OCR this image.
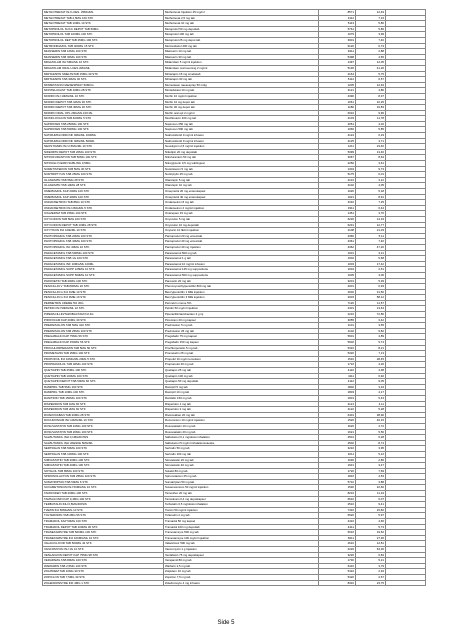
METHOTREXAT INJ LOES. 25MG/ML	Methotrexat Injektion 25 mg/ml	8571	12,49	
METHOTREXAT TAB 2,5MG 100 STK	Methotrexat 2,5 mg tab	3112	7,34	
METHOTREXAT TAB 10MG 10 STK	Methotrexat 10 mg tab	5113	5,80	
METOPROLOL SUCC DEPOT TAB 50MG	Metoprolol 50 mg depottab	5761	5,80	
METOPROLOL TAB 100MG 100 STK	Metoprolol 100 mg tab	1079	3,99	
METOPROLOL DEP TAB 25MG 100 STK	Metoprolol 25 mg depot tab	3901	7,40	
METRONIDAZOL TAB 400MG 15 STK	Metronidazol 400 mg tab	6120	6,73	
MIANSERIN TAB 10MG 100 STK	Mianserin 10 mg tab	9411	2,88	
MIANSERIN TAB 30MG 100 STK	Mianserin 30 mg tab	5498	4,65	
MIDAZOLAM INJ 5MG/ML 10 STK	Midazolam 5 mg/ml injektion	1497	12,05	
MIDAZOLAM ORAL LOES 2MG/ML	Midazolam oral loesning 2 mg/ml	5130	41,26	
MIRTAZAPIN SMELTETAB 15MG 30 STK	Mirtazapin 15 mg smeltetab	2164	5,75	
MIRTAZAPIN TAB 30MG 30 STK	Mirtazapin 30 mg tab	5112	6,57	
MOMETASON NAESESPRAY 50MCG	Mometason naesespray 50 mikg	1205	12,49	
MONTELUKAST TAB 10MG 28 STK	Montelukast 10 mg tab	3121	4,80	
MORFIN INJ 10MG/ML 10 STK	Morfin 10 mg/ml injektion	4390	8,37	
MORFIN DEPOT TAB 10MG 30 STK	Morfin 10 mg depot tab	1061	10,25	
MORFIN DEPOT TAB 30MG 30 STK	Morfin 30 mg depot tab	1180	16,83	
MORFIN ORAL OPL 2MG/ML 100 ML	Morfin oral opl 2 mg/ml	6010	9,96	
MOXIFLOXACIN TAB 400MG 5 STK	Moxifloxacin 400 mg tab	2103	11,78	
NAPROXEN TAB 250MG 100 STK	Naproxen 250 mg tab	4051	4,02	
NAPROXEN TAB 500MG 100 STK	Naproxen 500 mg tab	1066	5,85	
NATRIUMKLORID INF 9MG/ML 1000ML	Natriumklorid 9 mg/ml infusion	4124	6,33	
NATRIUMKLORID INF 9MG/ML 500ML	Natriumklorid 9 mg/ml infusion	4125	4,71	
NEOSTIGMIN INJ 2,5MG/ML 10 STK	Neostigmin 2,5 mg/ml injektion	1211	23,40	
NIFEDIPIN DEPOT TAB 20MG 100 STK	Nifedipin 20 mg depottab	5099	13,46	
NITROFURANTOIN TAB 50MG 100 STK	Nitrofurantoin 50 mg tab	3067	8,64	
NITROGLYCERIN SUBLING 0,5MG	Nitroglycerin 0,5 mg sublingual	2250	3,61	
NORETISTERON TAB 5MG 30 STK	Noretisteron 5 mg tab	1304	9,73	
NORTRIPTYLIN TAB 25MG 100 STK	Nortriptylin 25 mg tab	5175	6,01	
OLANZAPIN TAB 5MG 28 STK	Olanzapin 5 mg tab	4101	3,12	
OLANZAPIN TAB 10MG 28 STK	Olanzapin 10 mg tab	4102	4,05	
OMEPRAZOL KAP 20MG 100 STK	Omeprazol 20 mg enterokapsel	1020	5,18	
OMEPRAZOL KAP 40MG 100 STK	Omeprazol 40 mg enterokapsel	1021	8,91	
ONDANSETRON TAB 8MG 10 STK	Ondansetron 8 mg tab	3310	7,25	
ONDANSETRON INJ 2MG/ML 5 STK	Ondansetron 2 mg/ml injektion	3311	6,44	
OXAZEPAM TAB 15MG 100 STK	Oxazepam 15 mg tab	1451	3,76	
OXYCODON TAB 5MG 100 STK	Oxycodon 5 mg tab	6230	14,19	
OXYCODON DEPOT TAB 10MG 28 STK	Oxycodon 10 mg depottab	6231	12,77	
OXYTOCIN INJ 10IE/ML 10 STK	Oxytocin 10 IE/ml injektion	2108	21,03	
PANTOPRAZOL TAB 20MG 100 STK	Pantoprazol 20 mg enterotab	4360	5,11	
PANTOPRAZOL TAB 40MG 100 STK	Pantoprazol 40 mg enterotab	4361	7,46	
PANTOPRAZOL INJ 40MG 10 STK	Pantoprazol 40 mg injektion	4362	47,20	
PARACETAMOL TAB 500MG 100 STK	Paracetamol 500 mg tab	1001	3,21	
PARACETAMOL TAB 1G 100 STK	Paracetamol 1 g tab	1002	5,68	
PARACETAMOL INF 10MG/ML 100ML	Paracetamol 10 mg/ml infusion	1003	17,42	
PARACETAMOL SUPP 125MG 10 STK	Paracetamol 125 mg suppositorie	1004	2,51	
PARACETAMOL SUPP 500MG 10 STK	Paracetamol 500 mg suppositorie	1005	3,06	
PAROXETIN TAB 20MG 100 STK	Paroxetin 20 mg tab	3201	5,39	
PENICILLIN V TAB 800MG 20 STK	Phenoxymethylpenicillin 800 mg tab	2001	6,93	
PENICILLIN G INJ 1MIE 10 STK	Benzylpenicillin 1 MIE injektion	2002	31,50	
PENICILLIN G INJ 3MIE 10 STK	Benzylpenicillin 3 MIE injektion	2003	58,12	
PERMETRIN CREME 5% 30G	Permetrin creme 5%	7120	11,57	
PETIDIN INJ 50MG/ML 10 STK	Petidin 50 mg/ml injektion	4401	13,64	
PIPERACILLIN/TAZOBACTAM INJ 4G	Piperacillin/tazobactam 4 g inj	2210	72,80	
PIROXICAM KAP 20MG 30 STK	Piroxicam 20 mg kapsel	3055	3,42	
PREDNISOLON TAB 5MG 100 STK	Prednisolon 5 mg tab	1101	3,65	
PREDNISOLON TAB 25MG 100 STK	Prednisolon 25 mg tab	1102	9,82	
PREGABALIN KAP 75MG 56 STK	Pregabalin 75 mg kapsel	5601	4,89	
PREGABALIN KAP 150MG 56 STK	Pregabalin 150 mg kapsel	5602	5,74	
PROCHLORPERAZIN TAB 5MG 50 STK	Prochlorperazin 5 mg tab	5310	8,21	
PROMETAZIN TAB 25MG 100 STK	Prometazin 25 mg tab	5320	7,13	
PROPOFOL INJ 10MG/ML 20ML 5 STK	Propofol 10 mg/ml emulsion	1510	28,45	
PROPRANOLOL TAB 40MG 100 STK	Propranolol 40 mg tab	1710	4,26	
QUETIAPIN TAB 25MG 100 STK	Quetiapin 25 mg tab	4110	4,38	
QUETIAPIN TAB 100MG 100 STK	Quetiapin 100 mg tab	4111	6,92	
QUETIAPIN DEPOT TAB 50MG 60 STK	Quetiapin 50 mg depottab	4112	9,05	
RAMIPRIL TAB 5MG 100 STK	Ramipril 5 mg tab	1802	3,34	
RAMIPRIL TAB 10MG 100 STK	Ramipril 10 mg tab	1803	4,17	
RANITIDIN TAB 150MG 100 STK	Ranitidin 150 mg tab	1901	5,43	
RISPERIDON TAB 1MG 60 STK	Risperidon 1 mg tab	4121	4,11	
RISPERIDON TAB 2MG 60 STK	Risperidon 2 mg tab	4122	5,28	
RIVAROXABAN TAB 20MG 28 STK	Rivaroxaban 20 mg tab	6401	38,90	
ROCURONIUM INJ 10MG/ML 10 STK	Rocuronium 10 mg/ml injektion	1520	46,15	
ROSUVASTATIN TAB 10MG 100 STK	Rosuvastatin 10 mg tab	1620	4,72	
ROSUVASTATIN TAB 20MG 100 STK	Rosuvastatin 20 mg tab	1621	5,56	
SALBUTAMOL INH 0,1MG/DOSIS	Salbutamol 0,1 mg/dosis inhalation	2501	6,28	
SALBUTAMOL INH VAESKE 5MG/ML	Salbutamol 5 mg/ml inhalationsvaeske	2502	8,74	
SERTRALIN TAB 50MG 100 STK	Sertralin 50 mg tab	3210	3,95	
SERTRALIN TAB 100MG 100 STK	Sertralin 100 mg tab	3211	5,12	
SIMVASTATIN TAB 20MG 100 STK	Simvastatin 20 mg tab	1630	2,86	
SIMVASTATIN TAB 40MG 100 STK	Simvastatin 40 mg tab	1631	3,47	
SOTALOL TAB 80MG 100 STK	Sotalol 80 mg tab	1720	7,69	
SPIRONOLACTON TAB 25MG 100 STK	Spironolacton 25 mg tab	1810	4,53	
SUMATRIPTAN TAB 50MG 6 STK	Sumatriptan 50 mg tab	5710	3,88	
SUXAMETONIUM INJ 50MG/ML 10 STK	Suxametonium 50 mg/ml injektion	1530	22,60	
TAMOXIFEN TAB 20MG 100 STK	Tamoxifen 20 mg tab	8210	11,34	
TAMSULOSIN KAP 0,4MG 100 STK	Tamsulosin 0,4 mg depotkapsel	6510	6,07	
TERBUTALIN INH 0,5MG/DOSIS	Terbutalin 0,5 mg/dosis inhalation	2510	9,41	
TIAMIN INJ 50MG/ML 10 STK	Tiamin 50 mg/ml injektion	7310	15,82	
TOLTERODIN TAB 2MG 56 STK	Tolterodin 2 mg tab	6520	5,97	
TRAMADOL KAP 50MG 100 STK	Tramadol 50 mg kapsel	4410	4,66	
TRAMADOL DEPOT TAB 100MG 30 STK	Tramadol 100 mg depottab	4411	5,73	
TRANEXAMSYRE TAB 500MG 100 STK	Tranexamsyre 500 mg tab	6610	19,52	
TRANEXAMSYRE INJ 100MG/ML 10 STK	Tranexamsyre 100 mg/ml injektion	6611	27,36	
VALACICLOVIR TAB 500MG 42 STK	Valaciclovir 500 mg tab	2610	12,81	
VANCOMYCIN INJ 1G 10 STK	Vancomycin 1 g injektion	2220	64,30	
VENLAFAXIN DEPOT KAP 75MG 98 STK	Venlafaxin 75 mg depotkapsel	3220	6,84	
VERAPAMIL TAB 80MG 100 STK	Verapamil 80 mg tab	1730	5,21	
WARFARIN TAB 2,5MG 100 STK	Warfarin 2,5 mg tab	6410	3,79	
ZOLPIDEM TAB 10MG 30 STK	Zolpidem 10 mg tab	5410	2,94	
ZOPICLON TAB 7,5MG 30 STK	Zopiclon 7,5 mg tab	5420	2,67	
ZOLEDRONSYRE INF 4MG 1 STK	Zoledronsyre 4 mg infusion	8310	23,75	
Side 5
